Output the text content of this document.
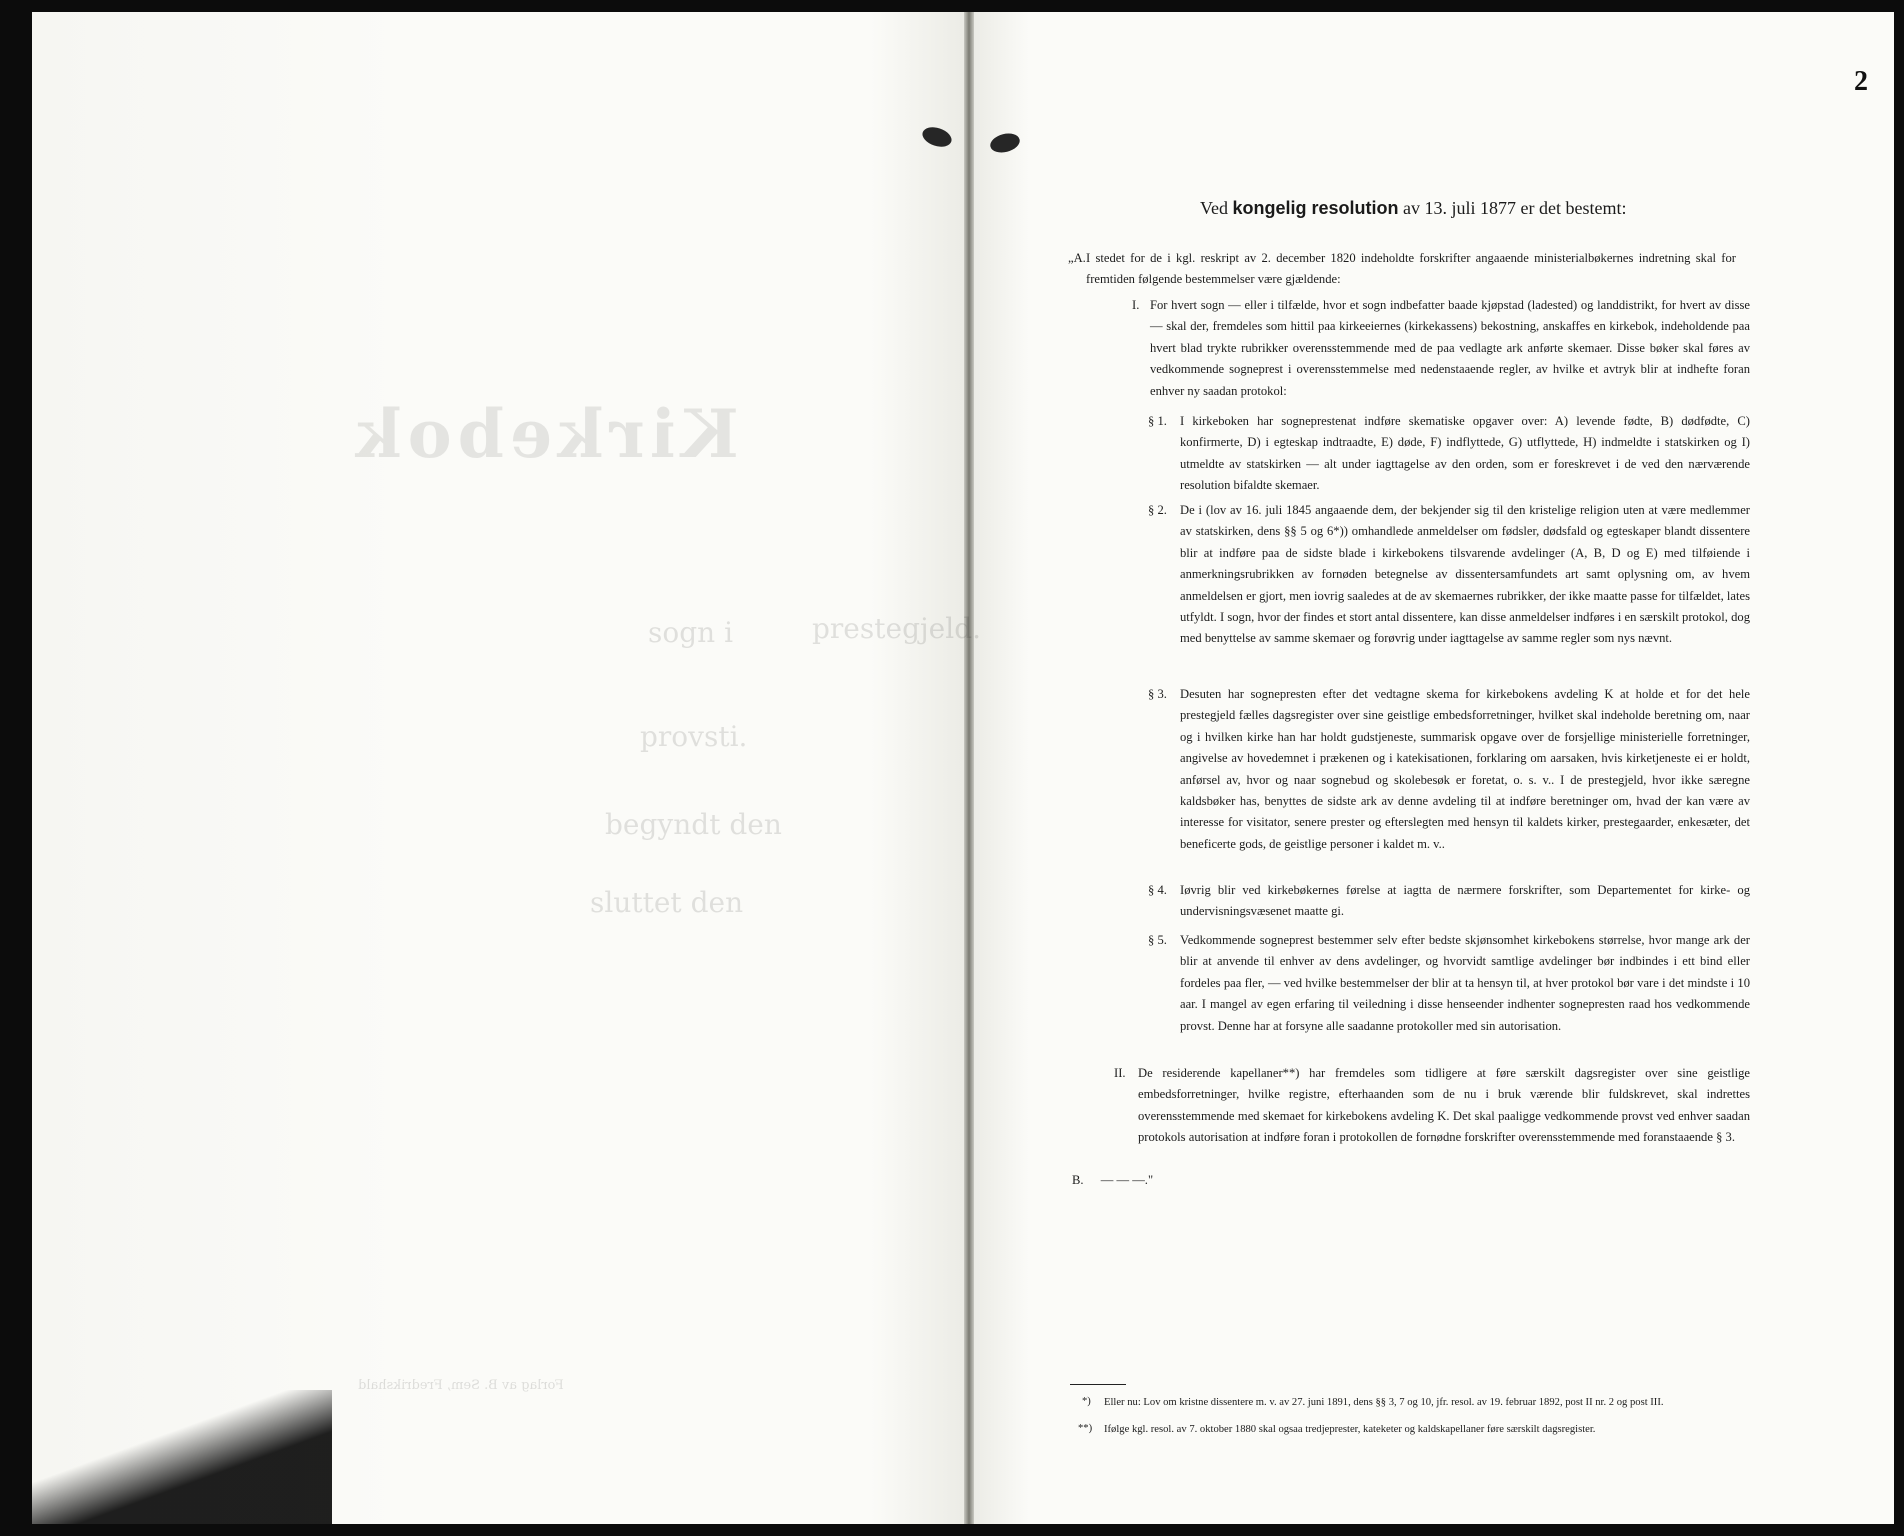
Kirkebok
sogn i	prestegjeld.
provsti.
begyndt den
sluttet den
Forlag av B. Sem, Fredrikshald
2
Ved kongelig resolution av 13. juli 1877 er det bestemt:
„A. I stedet for de i kgl. reskript av 2. december 1820 indeholdte forskrifter angaaende ministerialbøkernes indretning skal for fremtiden følgende bestemmelser være gjældende:
I. For hvert sogn — eller i tilfælde, hvor et sogn indbefatter baade kjøpstad (ladested) og landdistrikt, for hvert av disse — skal der, fremdeles som hittil paa kirkeeiernes (kirkekassens) bekostning, anskaffes en kirkebok, indeholdende paa hvert blad trykte rubrikker overensstemmende med de paa vedlagte ark anførte skemaer. Disse bøker skal føres av vedkommende sogneprest i overensstemmelse med nedenstaaende regler, av hvilke et avtryk blir at indhefte foran enhver ny saadan protokol:
§ 1. I kirkeboken har sogneprestenat indføre skematiske opgaver over: A) levende fødte, B) dødfødte, C) konfirmerte, D) i egteskap indtraadte, E) døde, F) indflyttede, G) utflyttede, H) indmeldte i statskirken og I) utmeldte av statskirken — alt under iagttagelse av den orden, som er foreskrevet i de ved den nærværende resolution bifaldte skemaer.
§ 2. De i (lov av 16. juli 1845 angaaende dem, der bekjender sig til den kristelige religion uten at være medlemmer av statskirken, dens §§ 5 og 6*)) omhandlede anmeldelser om fødsler, dødsfald og egteskaper blandt dissentere blir at indføre paa de sidste blade i kirkebokens tilsvarende avdelinger (A, B, D og E) med tilføiende i anmerkningsrubrikken av fornøden betegnelse av dissentersamfundets art samt oplysning om, av hvem anmeldelsen er gjort, men iovrig saaledes at de av skemaernes rubrikker, der ikke maatte passe for tilfældet, lates utfyldt. I sogn, hvor der findes et stort antal dissentere, kan disse anmeldelser indføres i en særskilt protokol, dog med benyttelse av samme skemaer og forøvrig under iagttagelse av samme regler som nys nævnt.
§ 3. Desuten har sognepresten efter det vedtagne skema for kirkebokens avdeling K at holde et for det hele prestegjeld fælles dagsregister over sine geistlige embedsforretninger, hvilket skal indeholde beretning om, naar og i hvilken kirke han har holdt gudstjeneste, summarisk opgave over de forsjellige ministerielle forretninger, angivelse av hovedemnet i prækenen og i katekisationen, forklaring om aarsaken, hvis kirketjeneste ei er holdt, anførsel av, hvor og naar sognebud og skolebesøk er foretat, o. s. v.. I de prestegjeld, hvor ikke særegne kaldsbøker has, benyttes de sidste ark av denne avdeling til at indføre beretninger om, hvad der kan være av interesse for visitator, senere prester og efterslegten med hensyn til kaldets kirker, prestegaarder, enkesæter, det beneficerte gods, de geistlige personer i kaldet m. v..
§ 4. Iøvrig blir ved kirkebøkernes førelse at iagtta de nærmere forskrifter, som Departementet for kirke- og undervisningsvæsenet maatte gi.
§ 5. Vedkommende sogneprest bestemmer selv efter bedste skjønsomhet kirkebokens størrelse, hvor mange ark der blir at anvende til enhver av dens avdelinger, og hvorvidt samtlige avdelinger bør indbindes i ett bind eller fordeles paa fler, — ved hvilke bestemmelser der blir at ta hensyn til, at hver protokol bør vare i det mindste i 10 aar. I mangel av egen erfaring til veiledning i disse henseender indhenter sognepresten raad hos vedkommende provst. Denne har at forsyne alle saadanne protokoller med sin autorisation.
II. De residerende kapellaner**) har fremdeles som tidligere at føre særskilt dagsregister over sine geistlige embedsforretninger, hvilke registre, efterhaanden som de nu i bruk værende blir fuldskrevet, skal indrettes overensstemmende med skemaet for kirkebokens avdeling K. Det skal paaligge vedkommende provst ved enhver saadan protokols autorisation at indføre foran i protokollen de fornødne forskrifter overensstemmende med foranstaaende § 3.
B. — — —."
*) Eller nu: Lov om kristne dissentere m. v. av 27. juni 1891, dens §§ 3, 7 og 10, jfr. resol. av 19. februar 1892, post II nr. 2 og post III.
**) Ifølge kgl. resol. av 7. oktober 1880 skal ogsaa tredjeprester, kateketer og kaldskapellaner føre særskilt dagsregister.
